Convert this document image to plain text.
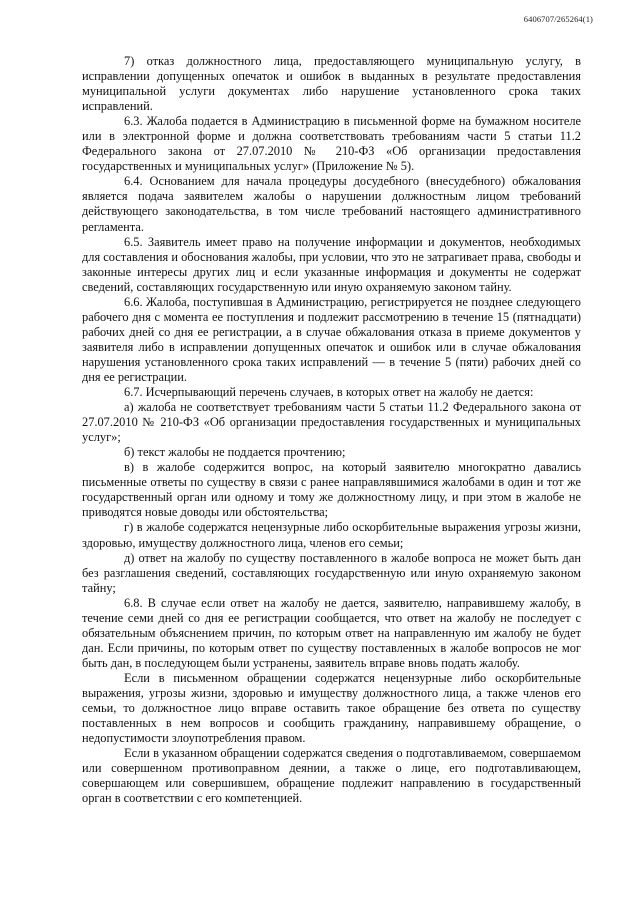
6406707/265264(1)

7) отказ должностного лица, предоставляющего муниципальную услугу, в исправлении допущенных опечаток и ошибок в выданных в результате предоставления муниципальной услуги документах либо нарушение установленного срока таких исправлений.

6.3. Жалоба подается в Администрацию в письменной форме на бумажном носителе или в электронной форме и должна соответствовать требованиям части 5 статьи 11.2 Федерального закона от 27.07.2010 № 210-ФЗ «Об организации предоставления государственных и муниципальных услуг» (Приложение № 5).

6.4. Основанием для начала процедуры досудебного (внесудебного) обжалования является подача заявителем жалобы о нарушении должностным лицом требований действующего законодательства, в том числе требований настоящего административного регламента.

6.5. Заявитель имеет право на получение информации и документов, необходимых для составления и обоснования жалобы, при условии, что это не затрагивает права, свободы и законные интересы других лиц и если указанные информация и документы не содержат сведений, составляющих государственную или иную охраняемую законом тайну.

6.6. Жалоба, поступившая в Администрацию, регистрируется не позднее следующего рабочего дня с момента ее поступления и подлежит рассмотрению в течение 15 (пятнадцати) рабочих дней со дня ее регистрации, а в случае обжалования отказа в приеме документов у заявителя либо в исправлении допущенных опечаток и ошибок или в случае обжалования нарушения установленного срока таких исправлений — в течение 5 (пяти) рабочих дней со дня ее регистрации.

6.7. Исчерпывающий перечень случаев, в которых ответ на жалобу не дается:

а) жалоба не соответствует требованиям части 5 статьи 11.2 Федерального закона от 27.07.2010 № 210-ФЗ «Об организации предоставления государственных и муниципальных услуг»;

б) текст жалобы не поддается прочтению;

в) в жалобе содержится вопрос, на который заявителю многократно давались письменные ответы по существу в связи с ранее направлявшимися жалобами в один и тот же государственный орган или одному и тому же должностному лицу, и при этом в жалобе не приводятся новые доводы или обстоятельства;

г) в жалобе содержатся нецензурные либо оскорбительные выражения угрозы жизни, здоровью, имуществу должностного лица, членов его семьи;

д) ответ на жалобу по существу поставленного в жалобе вопроса не может быть дан без разглашения сведений, составляющих государственную или иную охраняемую законом тайну;

6.8. В случае если ответ на жалобу не дается, заявителю, направившему жалобу, в течение семи дней со дня ее регистрации сообщается, что ответ на жалобу не последует с обязательным объяснением причин, по которым ответ на направленную им жалобу не будет дан. Если причины, по которым ответ по существу поставленных в жалобе вопросов не мог быть дан, в последующем были устранены, заявитель вправе вновь подать жалобу.

Если в письменном обращении содержатся нецензурные либо оскорбительные выражения, угрозы жизни, здоровью и имуществу должностного лица, а также членов его семьи, то должностное лицо вправе оставить такое обращение без ответа по существу поставленных в нем вопросов и сообщить гражданину, направившему обращение, о недопустимости злоупотребления правом.

Если в указанном обращении содержатся сведения о подготавливаемом, совершаемом или совершенном противоправном деянии, а также о лице, его подготавливающем, совершающем или совершившем, обращение подлежит направлению в государственный орган в соответствии с его компетенцией.
